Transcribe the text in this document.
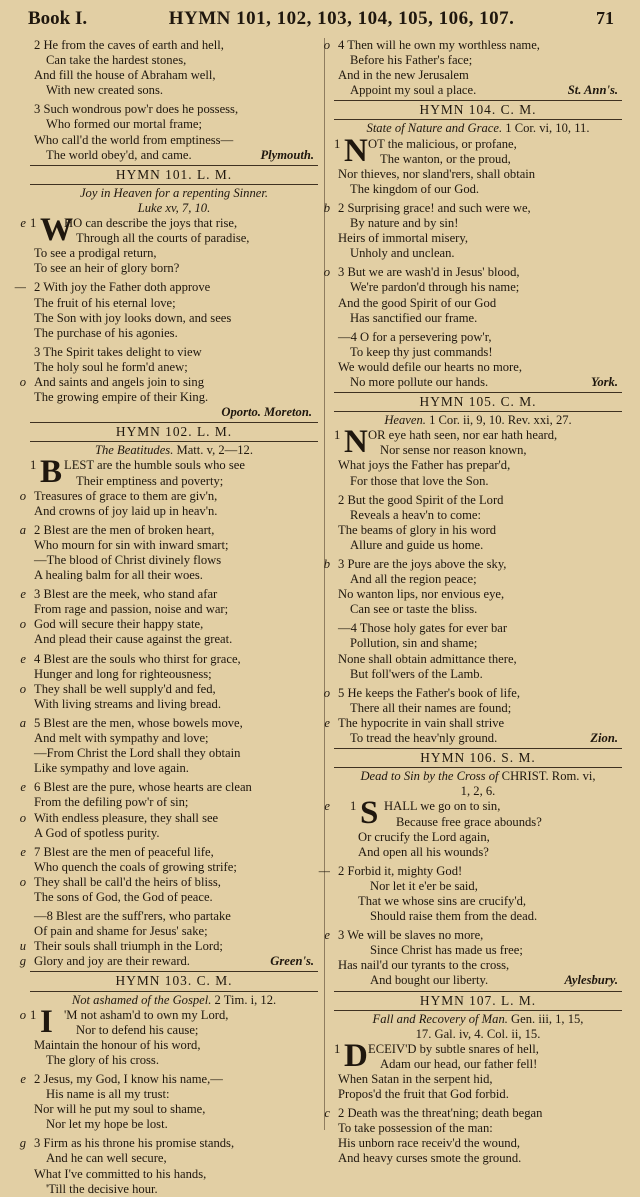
Book I.	HYMN 101, 102, 103, 104, 105, 106, 107.	71
2 He from the caves of earth and hell,
Can take the hardest stones,
And fill the house of Abraham well,
With new created sons.
3 Such wondrous pow'r does he possess,
Who formed our mortal frame;
Who call'd the world from emptiness—
The world obey'd, and came.	Plymouth.
HYMN 101. L. M.
Joy in Heaven for a repenting Sinner.
Luke xv, 7, 10.
e 1 W
HO can describe the joys that rise,
Through all the courts of paradise,
To see a prodigal return,
To see an heir of glory born?
— 2 With joy the Father doth approve
The fruit of his eternal love;
The Son with joy looks down, and sees
The purchase of his agonies.
3 The Spirit takes delight to view
The holy soul he form'd anew;
o And saints and angels join to sing
The growing empire of their King.
Oporto. Moreton.
HYMN 102. L. M.
The Beatitudes. Matt. v, 2—12.
1 B LEST are the humble souls who see
Their emptiness and poverty;
o Treasures of grace to them are giv'n,
And crowns of joy laid up in heav'n.
a 2 Blest are the men of broken heart,
Who mourn for sin with inward smart;
—The blood of Christ divinely flows
A healing balm for all their woes.
e 3 Blest are the meek, who stand afar
From rage and passion, noise and war;
o God will secure their happy state,
And plead their cause against the great.
e 4 Blest are the souls who thirst for grace,
Hunger and long for righteousness;
o They shall be well supply'd and fed,
With living streams and living bread.
a 5 Blest are the men, whose bowels move,
And melt with sympathy and love;
—From Christ the Lord shall they obtain
Like sympathy and love again.
e 6 Blest are the pure, whose hearts are clean
From the defiling pow'r of sin;
o With endless pleasure, they shall see
A God of spotless purity.
e 7 Blest are the men of peaceful life,
Who quench the coals of growing strife;
o They shall be call'd the heirs of bliss,
The sons of God, the God of peace.
—8 Blest are the suff'rers, who partake
Of pain and shame for Jesus' sake;
u Their souls shall triumph in the Lord;
g Glory and joy are their reward.	Green's.
HYMN 103. C. M.
Not ashamed of the Gospel. 2 Tim. i, 12.
o 1 I 'M not asham'd to own my Lord,
Nor to defend his cause;
Maintain the honour of his word,
The glory of his cross.
e 2 Jesus, my God, I know his name,—
His name is all my trust:
Nor will he put my soul to shame,
Nor let my hope be lost.
g 3 Firm as his throne his promise stands,
And he can well secure,
What I've committed to his hands,
'Till the decisive hour.
o 4 Then will he own my worthless name,
Before his Father's face;
And in the new Jerusalem
Appoint my soul a place.	St. Ann's.
HYMN 104. C. M.
State of Nature and Grace. 1 Cor. vi, 10, 11.
1 N OT the malicious, or profane,
The wanton, or the proud,
Nor thieves, nor sland'rers, shall obtain
The kingdom of our God.
b 2 Surprising grace! and such were we,
By nature and by sin!
Heirs of immortal misery,
Unholy and unclean.
o 3 But we are wash'd in Jesus' blood,
We're pardon'd through his name;
And the good Spirit of our God
Has sanctified our frame.
—4 O for a persevering pow'r,
To keep thy just commands!
We would defile our hearts no more,
No more pollute our hands.	York.
HYMN 105. C. M.
Heaven. 1 Cor. ii, 9, 10. Rev. xxi, 27.
1 N OR eye hath seen, nor ear hath heard,
Nor sense nor reason known,
What joys the Father has prepar'd,
For those that love the Son.
2 But the good Spirit of the Lord
Reveals a heav'n to come:
The beams of glory in his word
Allure and guide us home.
b 3 Pure are the joys above the sky,
And all the region peace;
No wanton lips, nor envious eye,
Can see or taste the bliss.
—4 Those holy gates for ever bar
Pollution, sin and shame;
None shall obtain admittance there,
But foll'wers of the Lamb.
o 5 He keeps the Father's book of life,
There all their names are found;
e The hypocrite in vain shall strive
To tread the heav'nly ground.	Zion.
HYMN 106. S. M.
Dead to Sin by the Cross of CHRIST. Rom. vi,
1, 2, 6.
e 1 S HALL we go on to sin,
Because free grace abounds?
Or crucify the Lord again,
And open all his wounds?
— 2 Forbid it, mighty God!
Nor let it e'er be said,
That we whose sins are crucify'd,
Should raise them from the dead.
e 3 We will be slaves no more,
Since Christ has made us free;
Has nail'd our tyrants to the cross,
And bought our liberty.	Aylesbury.
HYMN 107. L. M.
Fall and Recovery of Man. Gen. iii, 1, 15,
17. Gal. iv, 4. Col. ii, 15.
1 D ECEIV'D by subtle snares of hell,
Adam our head, our father fell!
When Satan in the serpent hid,
Propos'd the fruit that God forbid.
c 2 Death was the threat'ning; death began
To take possession of the man:
His unborn race receiv'd the wound,
And heavy curses smote the ground.
